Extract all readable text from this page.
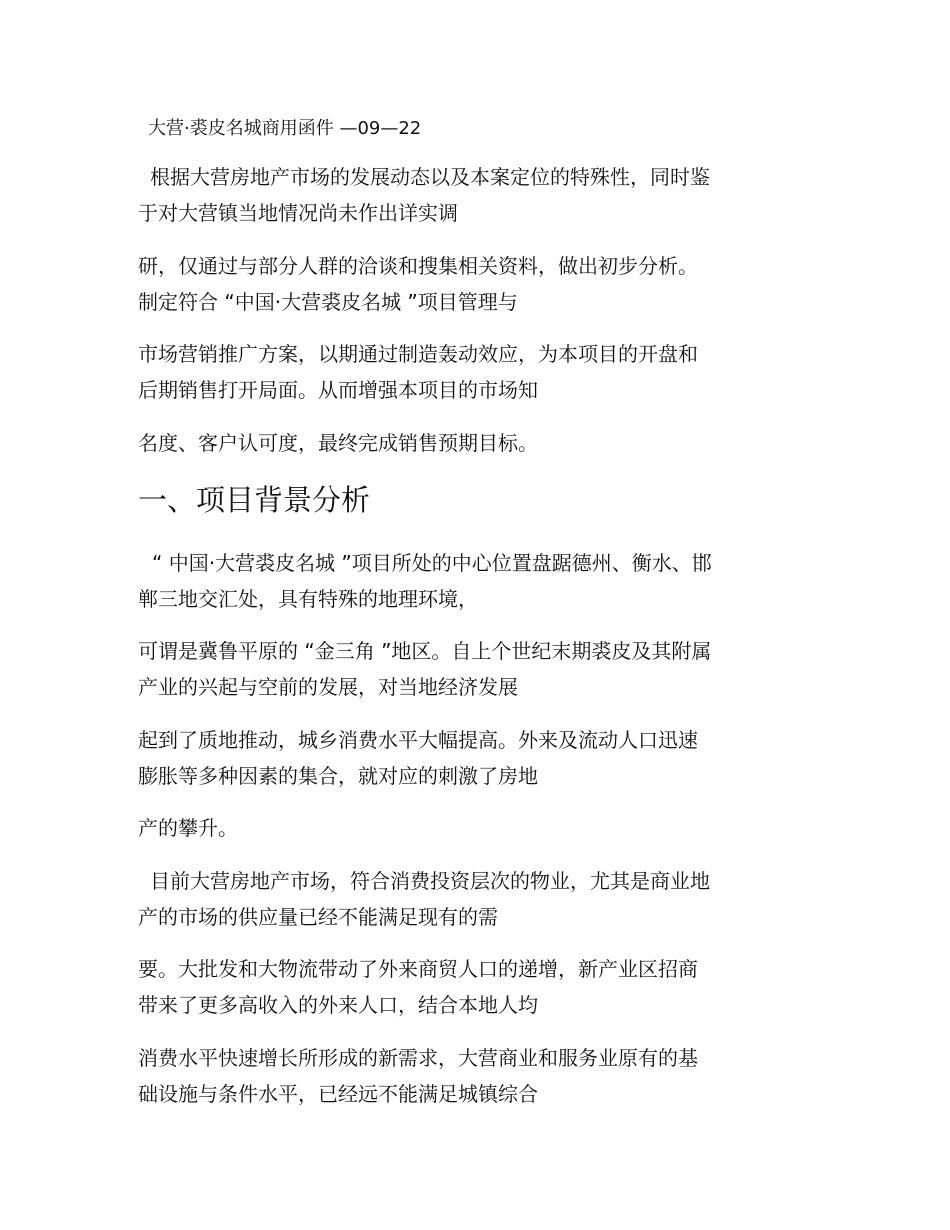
大营·裘皮名城商用函件 —09—22
根据大营房地产市场的发展动态以及本案定位的特殊性，同时鉴
于对大营镇当地情况尚未作出详实调
研，仅通过与部分人群的洽谈和搜集相关资料，做出初步分析。
制定符合 “中国·大营裘皮名城 ”项目管理与
市场营销推广方案，以期通过制造轰动效应，为本项目的开盘和
后期销售打开局面。从而增强本项目的市场知
名度、客户认可度，最终完成销售预期目标。
一、项目背景分析
“ 中国·大营裘皮名城 ”项目所处的中心位置盘踞德州、衡水、邯
郸三地交汇处，具有特殊的地理环境，
可谓是冀鲁平原的 “金三角 ”地区。自上个世纪末期裘皮及其附属
产业的兴起与空前的发展，对当地经济发展
起到了质地推动，城乡消费水平大幅提高。外来及流动人口迅速
膨胀等多种因素的集合，就对应的刺激了房地
产的攀升。
目前大营房地产市场，符合消费投资层次的物业，尤其是商业地
产的市场的供应量已经不能满足现有的需
要。大批发和大物流带动了外来商贸人口的递增，新产业区招商
带来了更多高收入的外来人口，结合本地人均
消费水平快速增长所形成的新需求，大营商业和服务业原有的基
础设施与条件水平，已经远不能满足城镇综合
